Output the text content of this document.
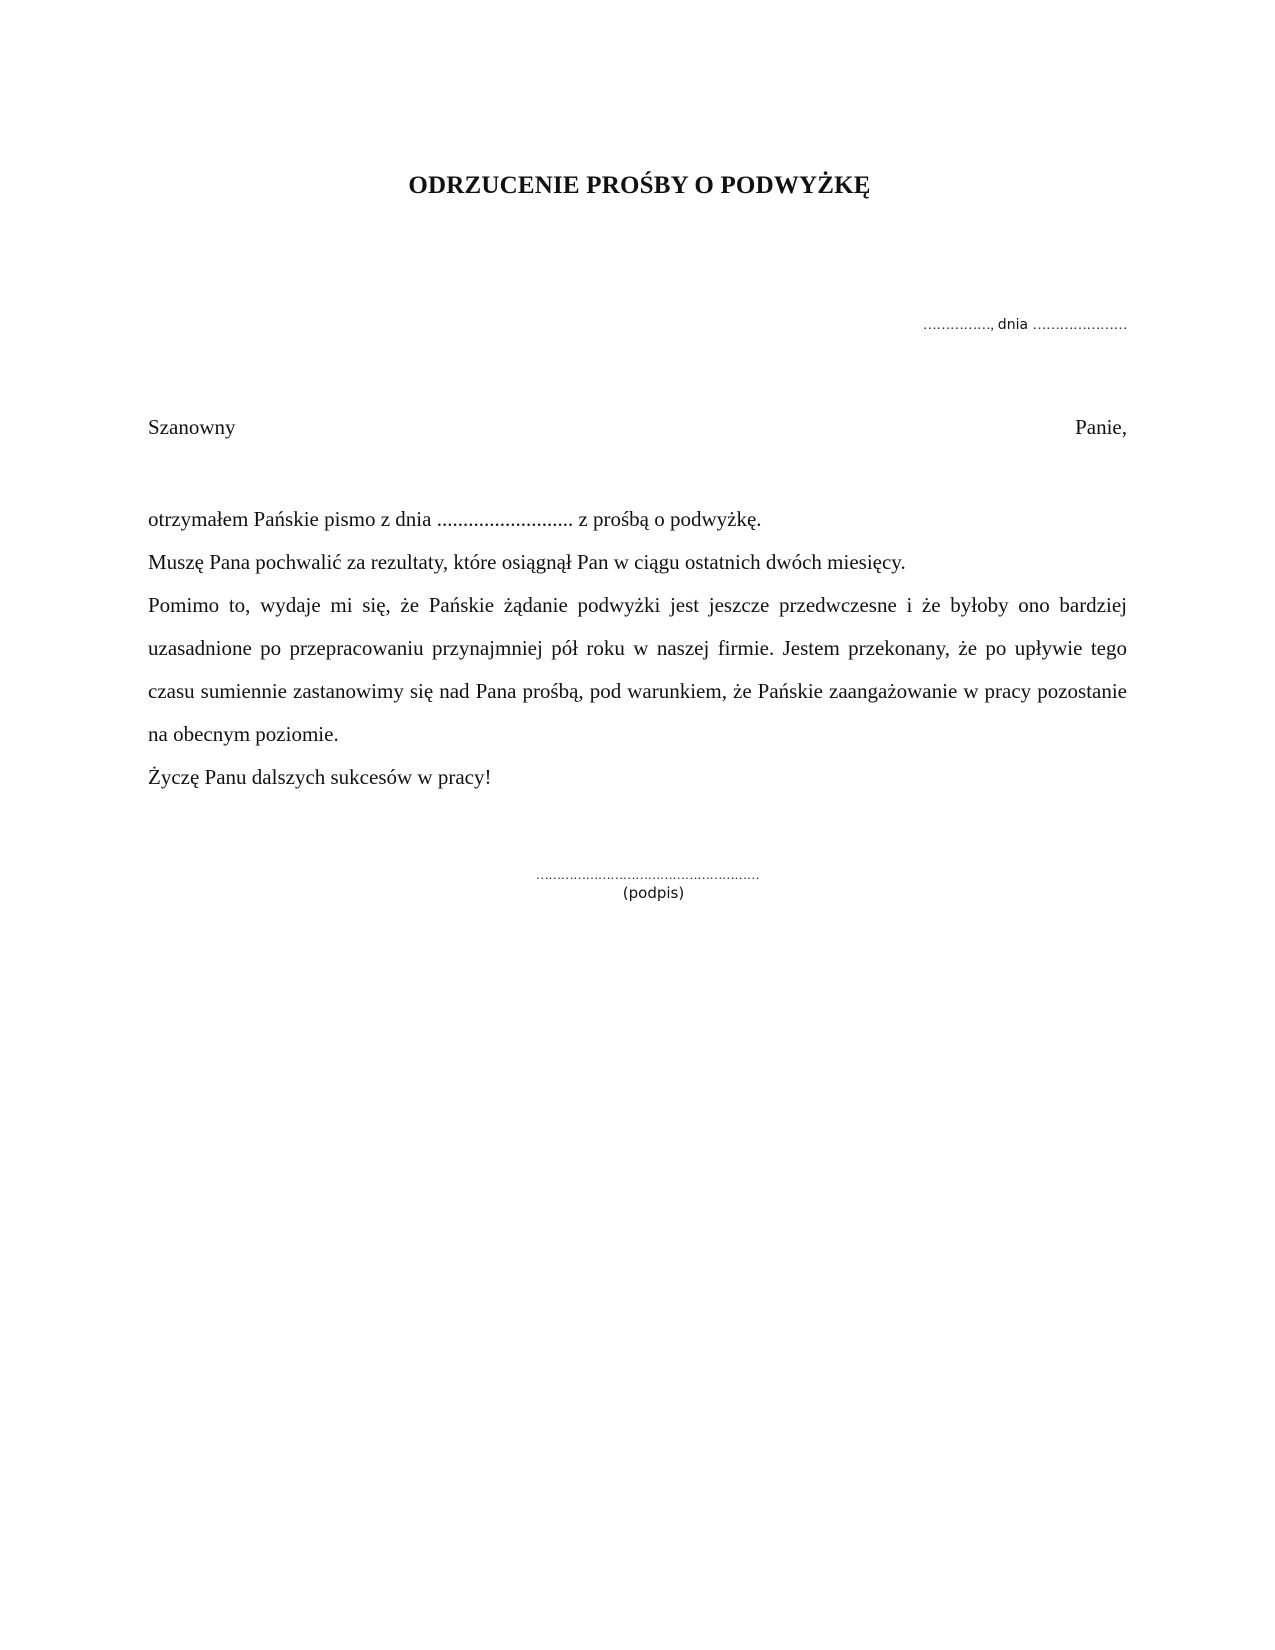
ODRZUCENIE PROŚBY O PODWYŻKĘ
……………, dnia …………………
Szanowny	Panie,

otrzymałem Pańskie pismo z dnia .......................... z prośbą o podwyżkę.

Muszę Pana pochwalić za rezultaty, które osiągnął Pan w ciągu ostatnich dwóch miesięcy.

Pomimo to, wydaje mi się, że Pańskie żądanie podwyżki jest jeszcze przedwczesne i że byłoby ono bardziej uzasadnione po przepracowaniu przynajmniej pół roku w naszej firmie. Jestem przekonany, że po upływie tego czasu sumiennie zastanowimy się nad Pana prośbą, pod warunkiem, że Pańskie zaangażowanie w pracy pozostanie na obecnym poziomie.

Życzę Panu dalszych sukcesów w pracy!

………………………………………………
(podpis)
